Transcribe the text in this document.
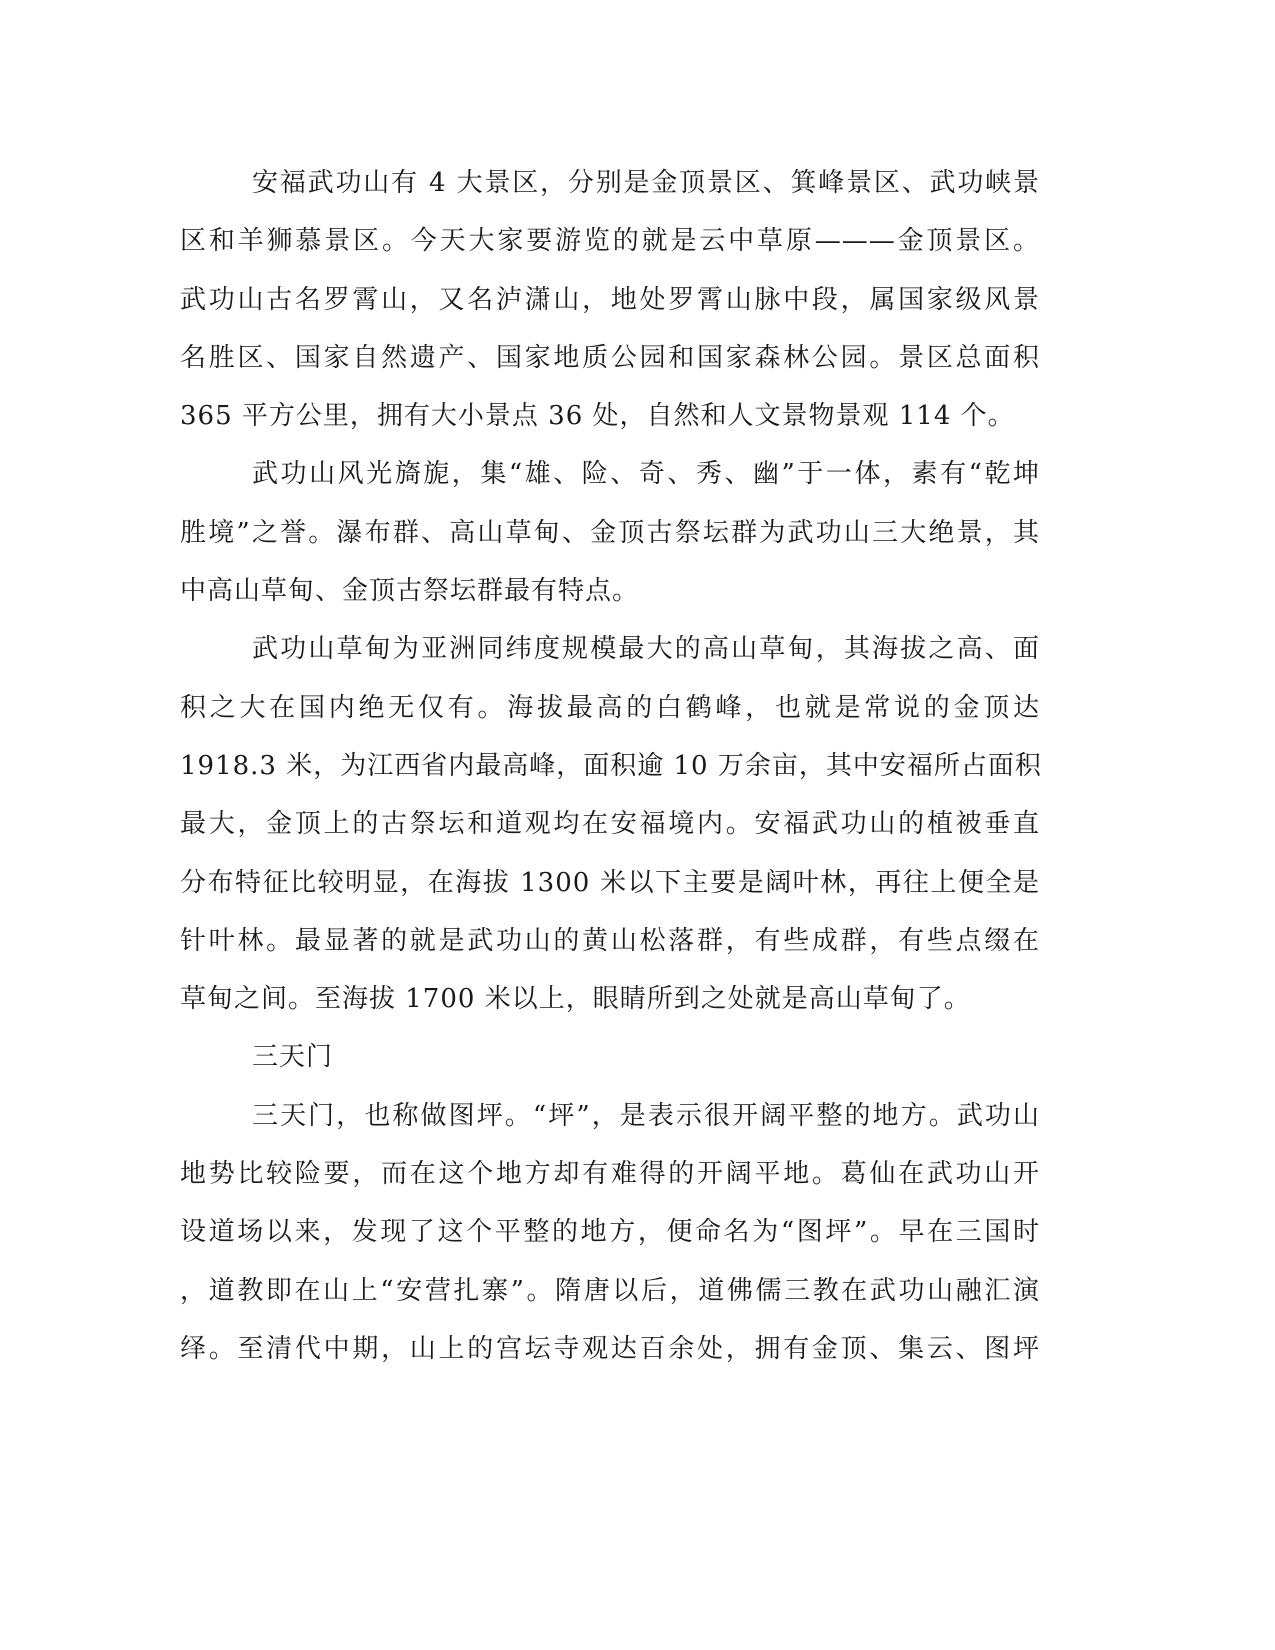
安福武功山有 4 大景区，分别是金顶景区、箕峰景区、武功峡景
区和羊狮慕景区。今天大家要游览的就是云中草原———金顶景区。
武功山古名罗霄山，又名泸潇山，地处罗霄山脉中段，属国家级风景
名胜区、国家自然遗产、国家地质公园和国家森林公园。景区总面积
365 平方公里，拥有大小景点 36 处，自然和人文景物景观 114 个。
武功山风光旖旎，集“雄、险、奇、秀、幽”于一体，素有“乾坤
胜境”之誉。瀑布群、高山草甸、金顶古祭坛群为武功山三大绝景，其
中高山草甸、金顶古祭坛群最有特点。
武功山草甸为亚洲同纬度规模最大的高山草甸，其海拔之高、面
积之大在国内绝无仅有。海拔最高的白鹤峰，也就是常说的金顶达
1918.3 米，为江西省内最高峰，面积逾 10 万余亩，其中安福所占面积
最大，金顶上的古祭坛和道观均在安福境内。安福武功山的植被垂直
分布特征比较明显，在海拔 1300 米以下主要是阔叶林，再往上便全是
针叶林。最显著的就是武功山的黄山松落群，有些成群，有些点缀在
草甸之间。至海拔 1700 米以上，眼睛所到之处就是高山草甸了。
三天门
三天门，也称做图坪。“坪”，是表示很开阔平整的地方。武功山
地势比较险要，而在这个地方却有难得的开阔平地。葛仙在武功山开
设道场以来，发现了这个平整的地方，便命名为“图坪”。早在三国时
，道教即在山上“安营扎寨”。隋唐以后，道佛儒三教在武功山融汇演
绎。至清代中期，山上的宫坛寺观达百余处，拥有金顶、集云、图坪
